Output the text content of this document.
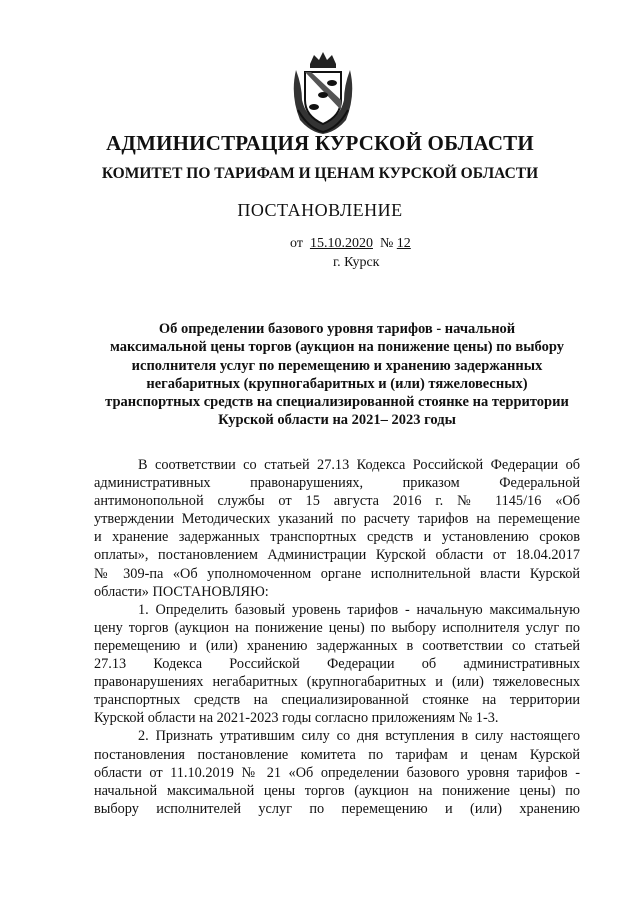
АДМИНИСТРАЦИЯ КУРСКОЙ ОБЛАСТИ
КОМИТЕТ ПО ТАРИФАМ И ЦЕНАМ КУРСКОЙ ОБЛАСТИ
ПОСТАНОВЛЕНИЕ
от 15.10.2020 № 12
г. Курск
Об определении базового уровня тарифов - начальной
максимальной цены торгов (аукцион на понижение цены) по выбору
исполнителя услуг по перемещению и хранению задержанных
негабаритных (крупногабаритных и (или) тяжеловесных)
транспортных средств на специализированной стоянке на территории
Курской области на 2021– 2023 годы
В соответствии со статьей 27.13 Кодекса Российской Федерации об
административных правонарушениях, приказом Федеральной
антимонопольной службы от 15 августа 2016 г. № 1145/16 «Об
утверждении Методических указаний по расчету тарифов на перемещение
и хранение задержанных транспортных средств и установлению сроков
оплаты», постановлением Администрации Курской области от 18.04.2017
№ 309-па «Об уполномоченном органе исполнительной власти Курской
области» ПОСТАНОВЛЯЮ:
1. Определить базовый уровень тарифов - начальную максимальную
цену торгов (аукцион на понижение цены) по выбору исполнителя услуг по
перемещению и (или) хранению задержанных в соответствии со статьей
27.13 Кодекса Российской Федерации об административных
правонарушениях негабаритных (крупногабаритных и (или) тяжеловесных
транспортных средств на специализированной стоянке на территории
Курской области на 2021-2023 годы согласно приложениям № 1-3.
2. Признать утратившим силу со дня вступления в силу настоящего
постановления постановление комитета по тарифам и ценам Курской
области от 11.10.2019 № 21 «Об определении базового уровня тарифов -
начальной максимальной цены торгов (аукцион на понижение цены) по
выбору исполнителей услуг по перемещению и (или) хранению
